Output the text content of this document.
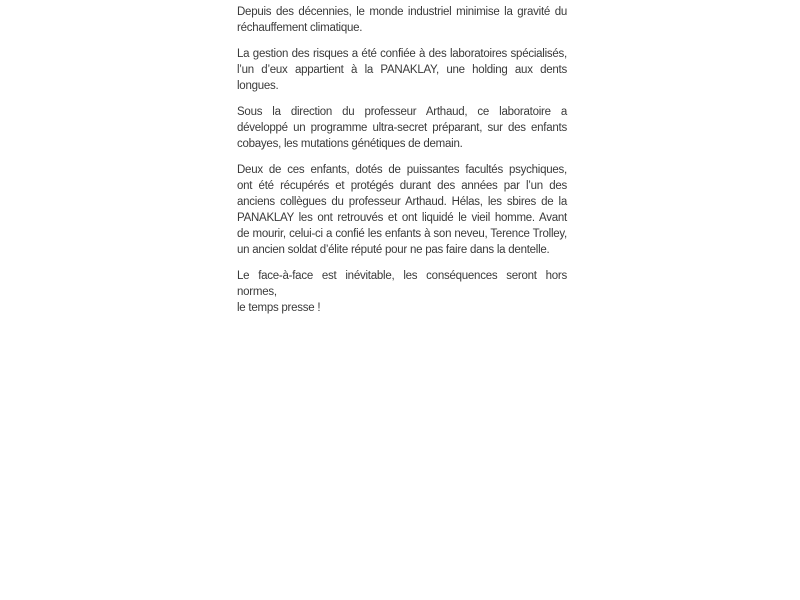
Depuis des décennies, le monde industriel minimise la gravité du
réchauffement climatique.
La gestion des risques a été confiée à des laboratoires spécialisés,
l’un d’eux appartient à la PANAKLAY, une holding aux dents
longues.
Sous la direction du professeur Arthaud, ce laboratoire a
développé un programme ultra-secret préparant, sur des enfants
cobayes, les mutations génétiques de demain.
Deux de ces enfants, dotés de puissantes facultés psychiques,
ont été récupérés et protégés durant des années par l’un des
anciens collègues du professeur Arthaud. Hélas, les sbires de la
PANAKLAY les ont retrouvés et ont liquidé le vieil homme. Avant
de mourir, celui-ci a confié les enfants à son neveu, Terence Trolley,
un ancien soldat d’élite réputé pour ne pas faire dans la dentelle.
Le face-à-face est inévitable, les conséquences seront hors normes,
le temps presse !
